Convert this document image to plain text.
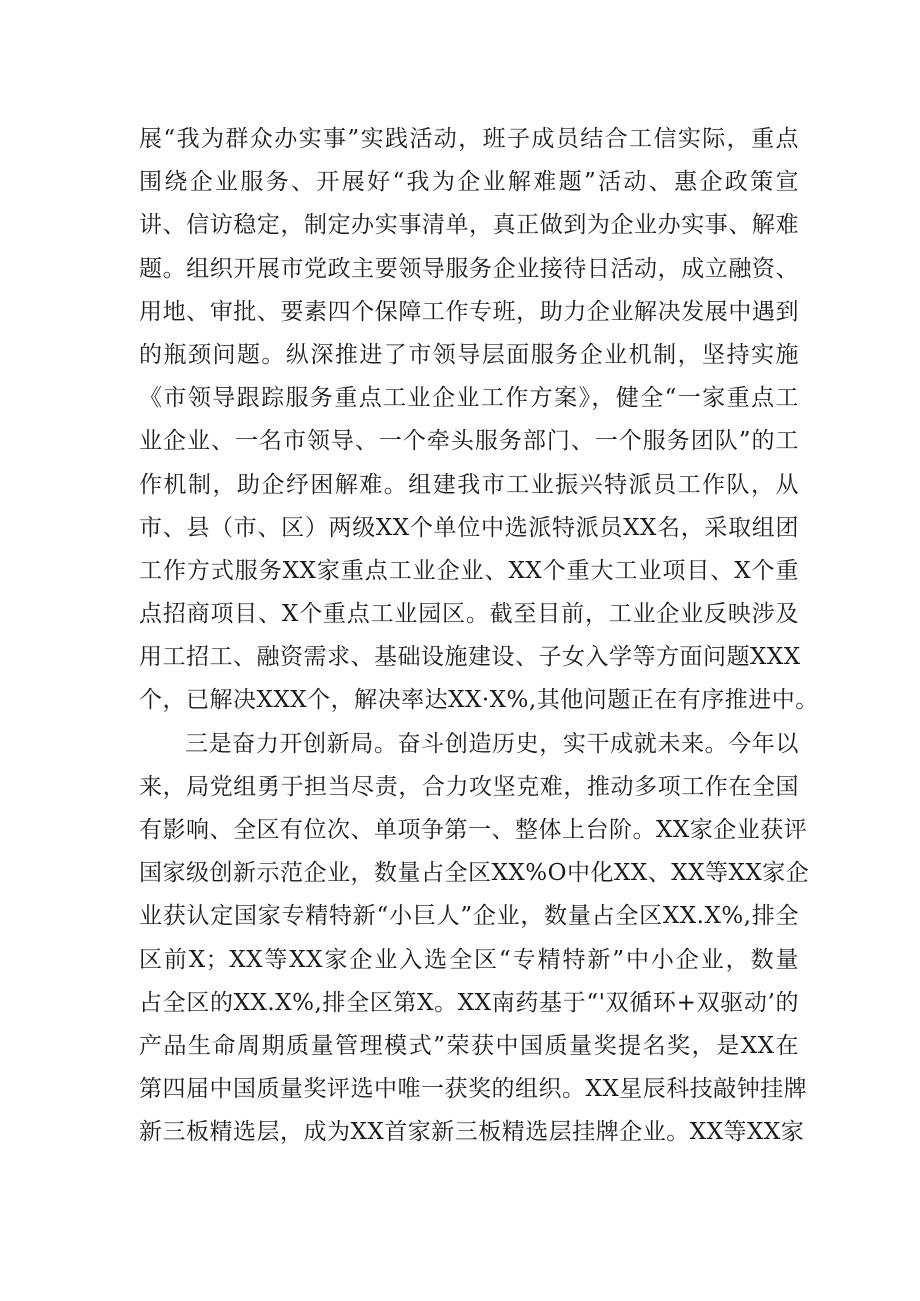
展“我为群众办实事”实践活动，班子成员结合工信实际，重点
围绕企业服务、开展好“我为企业解难题”活动、惠企政策宣
讲、信访稳定，制定办实事清单，真正做到为企业办实事、解难
题。组织开展市党政主要领导服务企业接待日活动，成立融资、
用地、审批、要素四个保障工作专班，助力企业解决发展中遇到
的瓶颈问题。纵深推进了市领导层面服务企业机制，坚持实施
《市领导跟踪服务重点工业企业工作方案》，健全“一家重点工
业企业、一名市领导、一个牵头服务部门、一个服务团队”的工
作机制，助企纾困解难。组建我市工业振兴特派员工作队，从
市、县（市、区）两级XX个单位中选派特派员XX名，采取组团
工作方式服务XX家重点工业企业、XX个重大工业项目、X个重
点招商项目、X个重点工业园区。截至目前，工业企业反映涉及
用工招工、融资需求、基础设施建设、子女入学等方面问题XXX
个，已解决XXX个，解决率达XX·X%,其他问题正在有序推进中。
三是奋力开创新局。奋斗创造历史，实干成就未来。今年以
来，局党组勇于担当尽责，合力攻坚克难，推动多项工作在全国
有影响、全区有位次、单项争第一、整体上台阶。XX家企业获评
国家级创新示范企业，数量占全区XX%O中化XX、XX等XX家企
业获认定国家专精特新“小巨人”企业，数量占全区XX.X%,排全
区前X；XX等XX家企业入选全区“专精特新”中小企业，数量
占全区的XX.X%,排全区第X。XX南药基于“'双循环+双驱动’的
产品生命周期质量管理模式”荣获中国质量奖提名奖，是XX在
第四届中国质量奖评选中唯一获奖的组织。XX星辰科技敲钟挂牌
新三板精选层，成为XX首家新三板精选层挂牌企业。XX等XX家
